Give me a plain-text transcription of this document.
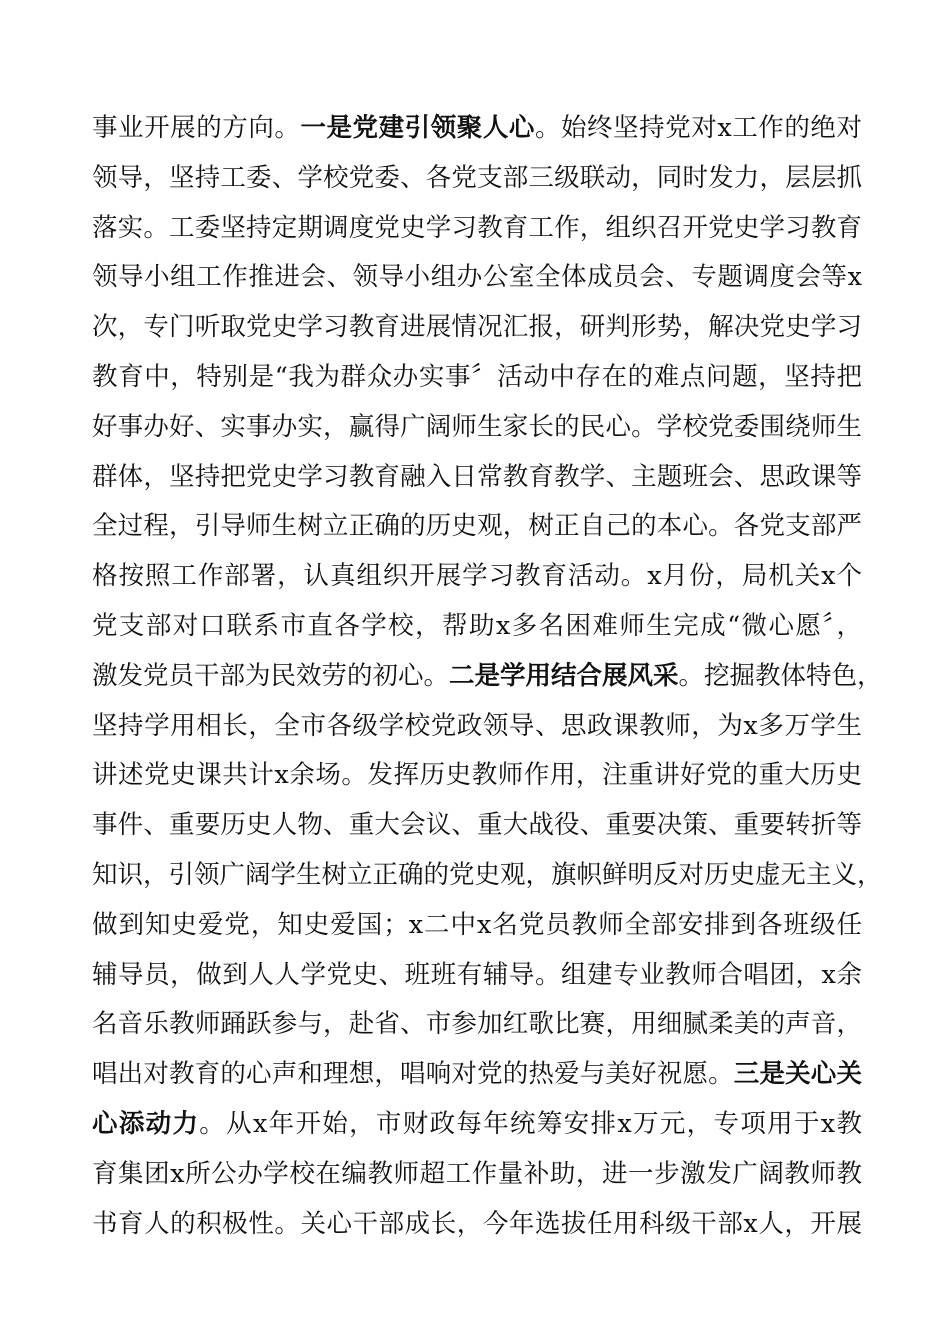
事业开展的方向。一是党建引领聚人心。始终坚持党对x工作的绝对
领导，坚持工委、学校党委、各党支部三级联动，同时发力，层层抓
落实。工委坚持定期调度党史学习教育工作，组织召开党史学习教育
领导小组工作推进会、领导小组办公室全体成员会、专题调度会等x
次，专门听取党史学习教育进展情况汇报，研判形势，解决党史学习
教育中，特别是“我为群众办实事〞活动中存在的难点问题，坚持把
好事办好、实事办实，赢得广阔师生家长的民心。学校党委围绕师生
群体，坚持把党史学习教育融入日常教育教学、主题班会、思政课等
全过程，引导师生树立正确的历史观，树正自己的本心。各党支部严
格按照工作部署，认真组织开展学习教育活动。x月份，局机关x个
党支部对口联系市直各学校，帮助x多名困难师生完成“微心愿〞，
激发党员干部为民效劳的初心。二是学用结合展风采。挖掘教体特色，
坚持学用相长，全市各级学校党政领导、思政课教师，为x多万学生
讲述党史课共计x余场。发挥历史教师作用，注重讲好党的重大历史
事件、重要历史人物、重大会议、重大战役、重要决策、重要转折等
知识，引领广阔学生树立正确的党史观，旗帜鲜明反对历史虚无主义，
做到知史爱党，知史爱国；x二中x名党员教师全部安排到各班级任
辅导员，做到人人学党史、班班有辅导。组建专业教师合唱团，x余
名音乐教师踊跃参与，赴省、市参加红歌比赛，用细腻柔美的声音，
唱出对教育的心声和理想，唱响对党的热爱与美好祝愿。三是关心关
心添动力。从x年开始，市财政每年统筹安排x万元，专项用于x教
育集团x所公办学校在编教师超工作量补助，进一步激发广阔教师教
书育人的积极性。关心干部成长，今年选拔任用科级干部x人，开展
